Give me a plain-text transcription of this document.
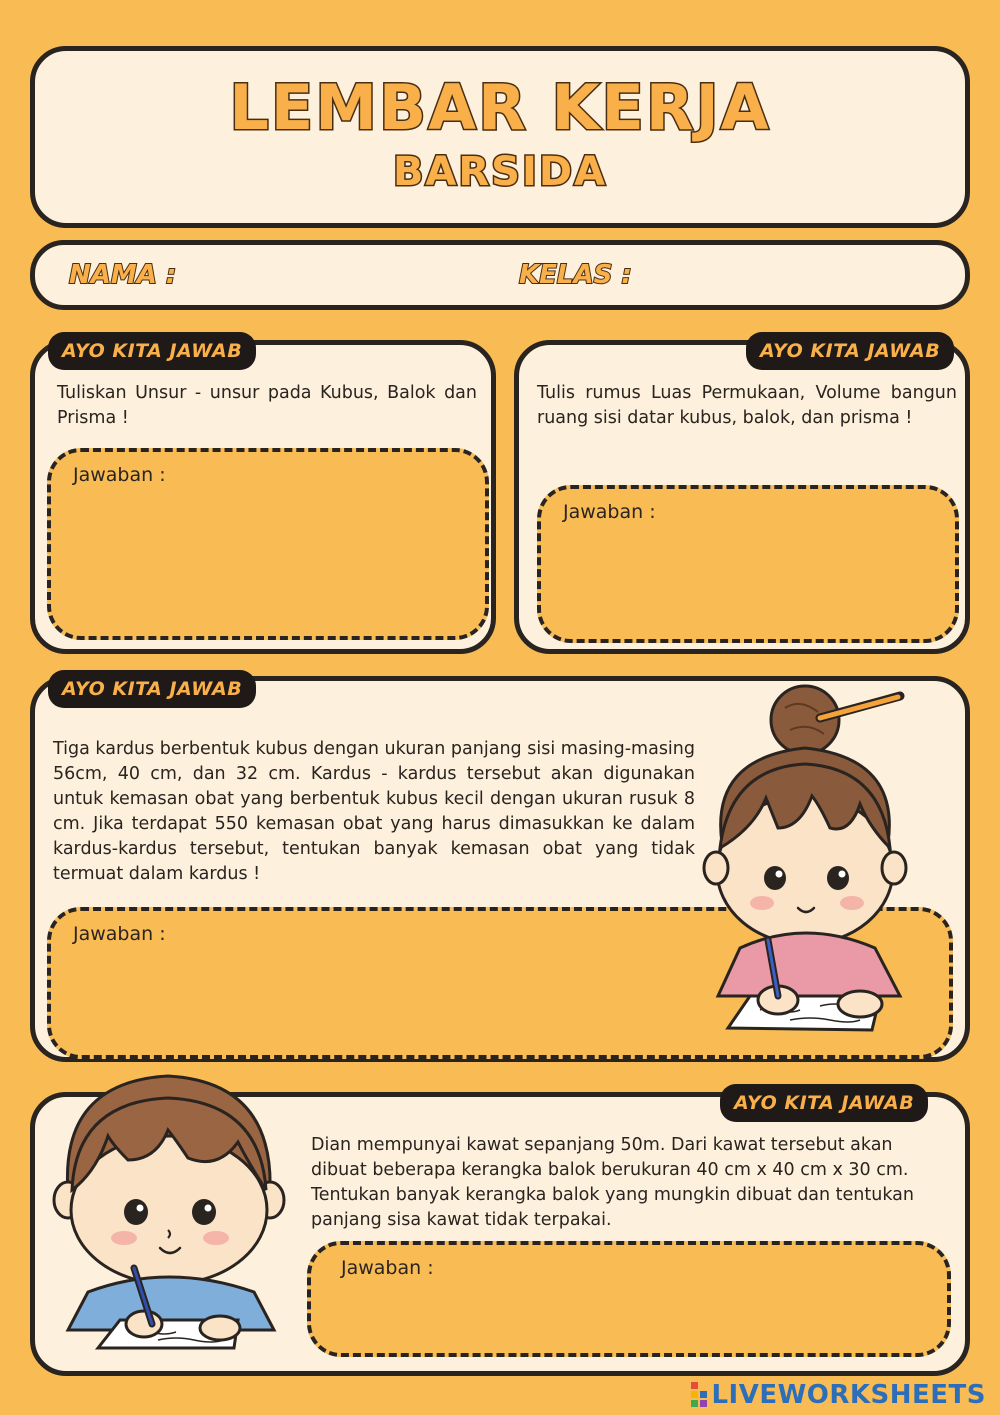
LEMBAR KERJA
BARSIDA
NAMA :	KELAS :

Tuliskan Unsur - unsur pada Kubus, Balok dan Prisma !

Jawaban :
AYO KITA JAWAB

Tulis rumus Luas Permukaan, Volume bangun ruang sisi datar kubus, balok, dan prisma !

Jawaban :
AYO KITA JAWAB

Tiga kardus berbentuk kubus dengan ukuran panjang sisi masing-masing 56cm, 40 cm, dan 32 cm. Kardus - kardus tersebut akan digunakan untuk kemasan obat yang berbentuk kubus kecil dengan ukuran rusuk 8 cm. Jika terdapat 550 kemasan obat yang harus dimasukkan ke dalam kardus-kardus tersebut, tentukan banyak kemasan obat yang tidak termuat dalam kardus !

Jawaban :
AYO KITA JAWAB

Dian mempunyai kawat sepanjang 50m. Dari kawat tersebut akan dibuat beberapa kerangka balok berukuran 40 cm x 40 cm x 30 cm. Tentukan banyak kerangka balok yang mungkin dibuat dan tentukan panjang sisa kawat tidak terpakai.

Jawaban :
AYO KITA JAWAB
LIVEWORKSHEETS
